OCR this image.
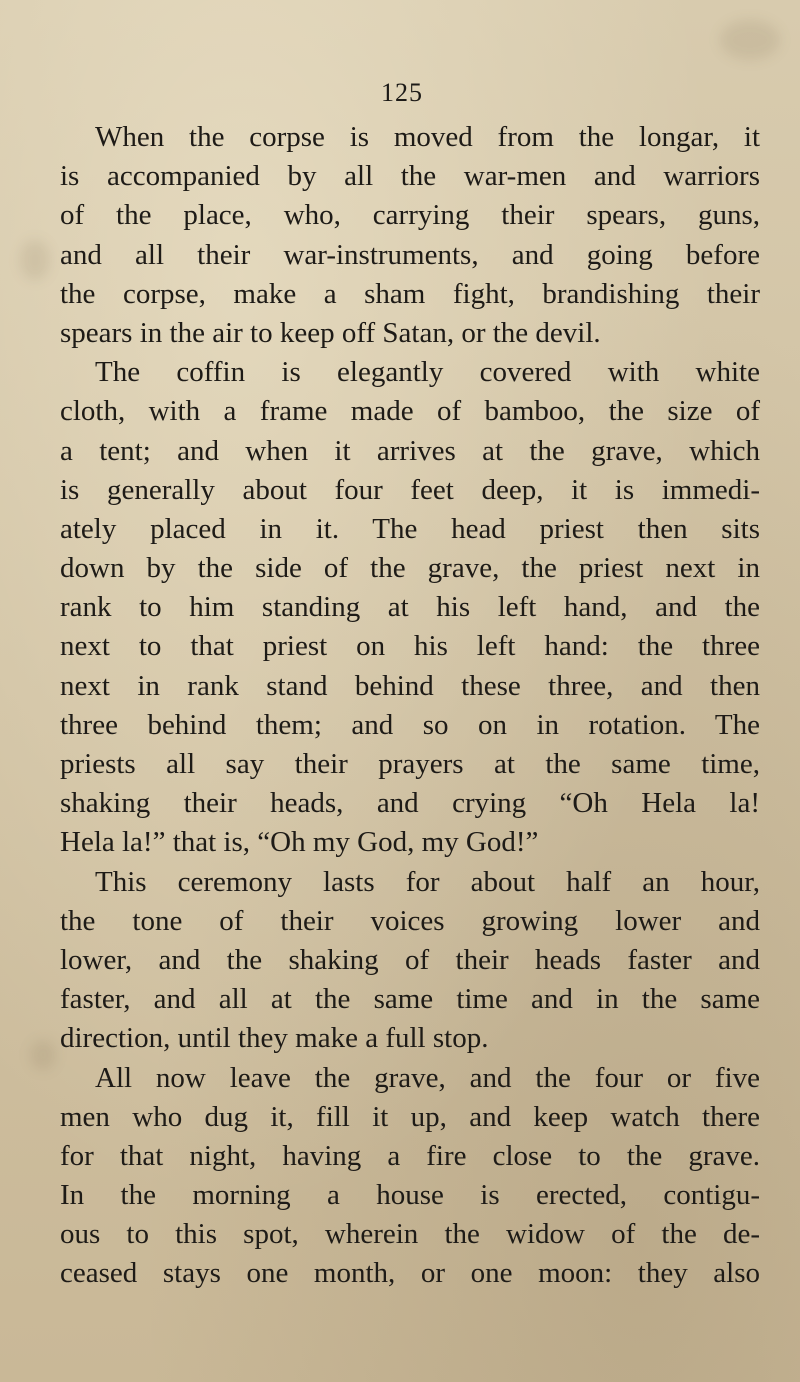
125
When the corpse is moved from the longar, it
is accompanied by all the war-men and warriors
of the place, who, carrying their spears, guns,
and all their war-instruments, and going before
the corpse, make a sham fight, brandishing their
spears in the air to keep off Satan, or the devil.
The coffin is elegantly covered with white
cloth, with a frame made of bamboo, the size of
a tent; and when it arrives at the grave, which
is generally about four feet deep, it is immedi-
ately placed in it. The head priest then sits
down by the side of the grave, the priest next in
rank to him standing at his left hand, and the
next to that priest on his left hand: the three
next in rank stand behind these three, and then
three behind them; and so on in rotation. The
priests all say their prayers at the same time,
shaking their heads, and crying “Oh Hela la!
Hela la!” that is, “Oh my God, my God!”
This ceremony lasts for about half an hour,
the tone of their voices growing lower and
lower, and the shaking of their heads faster and
faster, and all at the same time and in the same
direction, until they make a full stop.
All now leave the grave, and the four or five
men who dug it, fill it up, and keep watch there
for that night, having a fire close to the grave.
In the morning a house is erected, contigu-
ous to this spot, wherein the widow of the de-
ceased stays one month, or one moon: they also
